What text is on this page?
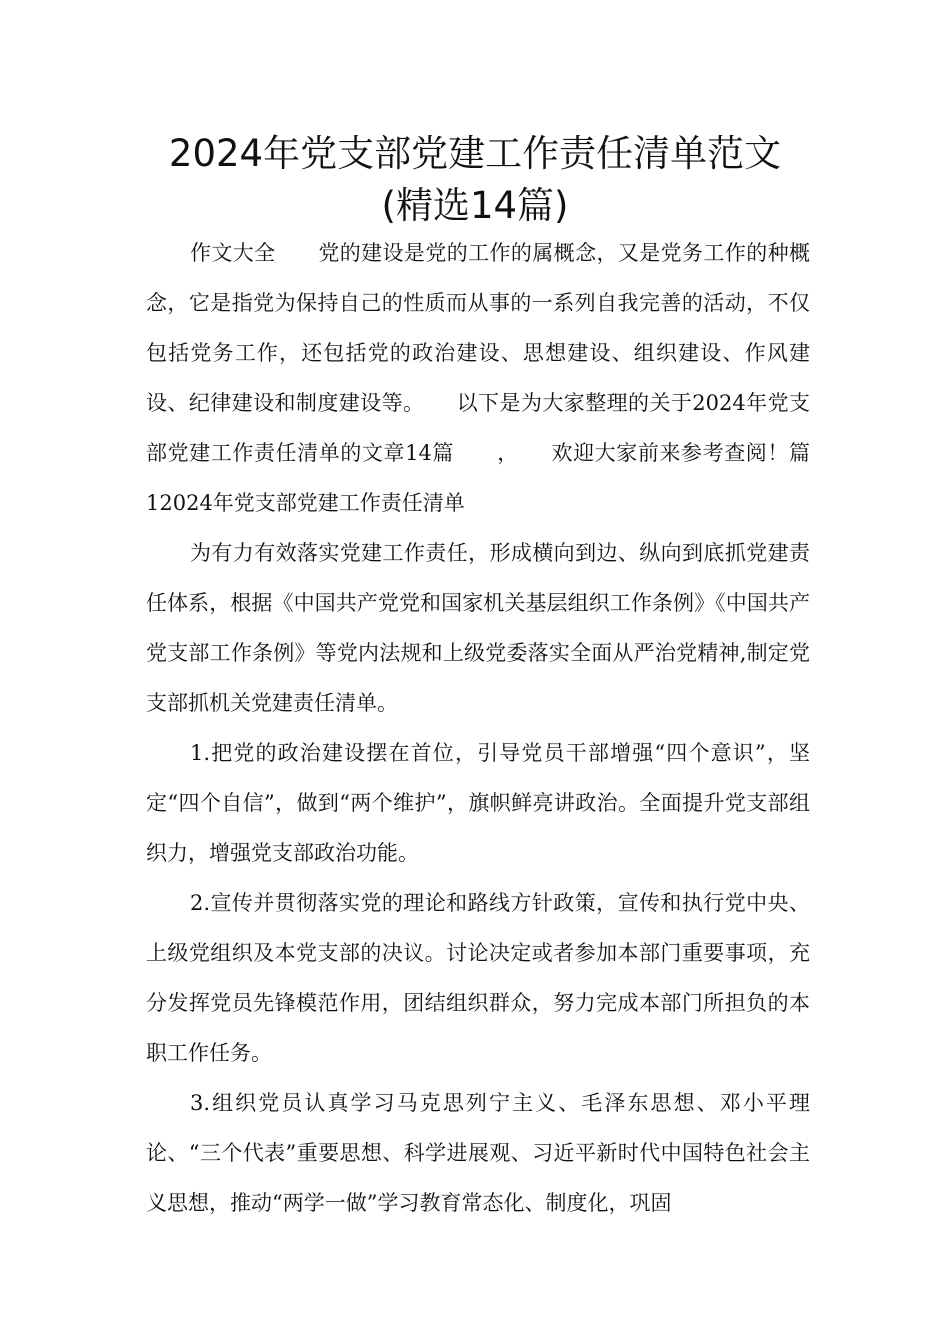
2024年党支部党建工作责任清单范文
(精选14篇)

作文大全　　党的建设是党的工作的属概念，又是党务工作的种概念，它是指党为保持自己的性质而从事的一系列自我完善的活动，不仅包括党务工作，还包括党的政治建设、思想建设、组织建设、作风建设、纪律建设和制度建设等。　　以下是为大家整理的关于2024年党支部党建工作责任清单的文章14篇　　，　　欢迎大家前来参考查阅！篇12024年党支部党建工作责任清单

为有力有效落实党建工作责任，形成横向到边、纵向到底抓党建责任体系，根据《中国共产党党和国家机关基层组织工作条例》《中国共产党支部工作条例》等党内法规和上级党委落实全面从严治党精神,制定党支部抓机关党建责任清单。

1.把党的政治建设摆在首位，引导党员干部增强“四个意识”，坚定“四个自信”，做到“两个维护”，旗帜鲜亮讲政治。全面提升党支部组织力，增强党支部政治功能。

2.宣传并贯彻落实党的理论和路线方针政策，宣传和执行党中央、上级党组织及本党支部的决议。讨论决定或者参加本部门重要事项，充分发挥党员先锋模范作用，团结组织群众，努力完成本部门所担负的本职工作任务。

3.组织党员认真学习马克思列宁主义、毛泽东思想、邓小平理论、“三个代表”重要思想、科学进展观、习近平新时代中国特色社会主义思想，推动“两学一做”学习教育常态化、制度化，巩固
